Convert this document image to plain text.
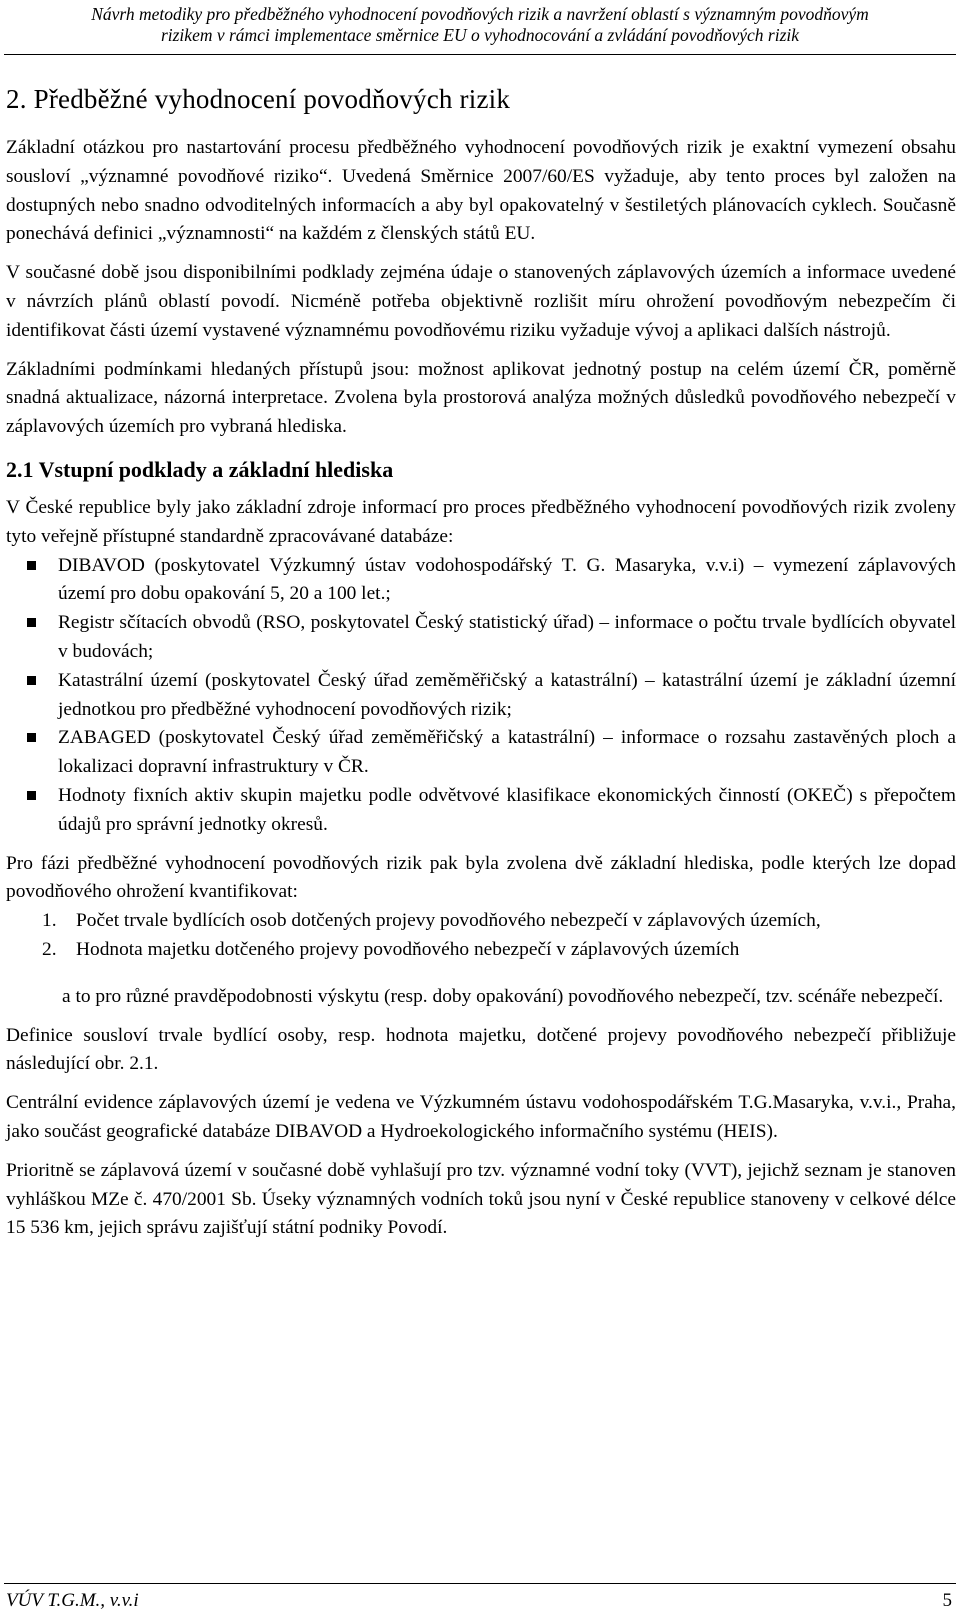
Návrh metodiky pro předběžného vyhodnocení povodňových rizik a navržení oblastí s významným povodňovým
rizikem v rámci implementace směrnice EU o vyhodnocování a zvládání povodňových rizik
2. Předběžné vyhodnocení povodňových rizik

Základní otázkou pro nastartování procesu předběžného vyhodnocení povodňových rizik je exaktní vymezení obsahu sousloví „významné povodňové riziko“. Uvedená Směrnice 2007/60/ES vyžaduje, aby tento proces byl založen na dostupných nebo snadno odvoditelných informacích a aby byl opakovatelný v šestiletých plánovacích cyklech. Současně ponechává definici „významnosti“ na každém z členských států EU.

V současné době jsou disponibilními podklady zejména údaje o stanovených záplavových územích a informace uvedené v návrzích plánů oblastí povodí. Nicméně potřeba objektivně rozlišit míru ohrožení povodňovým nebezpečím či identifikovat části území vystavené významnému povodňovému riziku vyžaduje vývoj a aplikaci dalších nástrojů.

Základními podmínkami hledaných přístupů jsou: možnost aplikovat jednotný postup na celém území ČR, poměrně snadná aktualizace, názorná interpretace. Zvolena byla prostorová analýza možných důsledků povodňového nebezpečí v záplavových územích pro vybraná hlediska.

2.1 Vstupní podklady a základní hlediska

V České republice byly jako základní zdroje informací pro proces předběžného vyhodnocení povodňových rizik zvoleny tyto veřejně přístupné standardně zpracovávané databáze:

DIBAVOD (poskytovatel Výzkumný ústav vodohospodářský T. G. Masaryka, v.v.i) – vymezení záplavových území pro dobu opakování 5, 20 a 100 let.;
Registr sčítacích obvodů (RSO, poskytovatel Český statistický úřad) – informace o počtu trvale bydlících obyvatel v budovách;
Katastrální území (poskytovatel Český úřad zeměměřičský a katastrální) – katastrální území je základní územní jednotkou pro předběžné vyhodnocení povodňových rizik;
ZABAGED (poskytovatel Český úřad zeměměřičský a katastrální) – informace o rozsahu zastavěných ploch a lokalizaci dopravní infrastruktury v ČR.
Hodnoty fixních aktiv skupin majetku podle odvětvové klasifikace ekonomických činností (OKEČ) s přepočtem údajů pro správní jednotky okresů.

Pro fázi předběžné vyhodnocení povodňových rizik pak byla zvolena dvě základní hlediska, podle kterých lze dopad povodňového ohrožení kvantifikovat:

1. Počet trvale bydlících osob dotčených projevy povodňového nebezpečí v záplavových územích,
2. Hodnota majetku dotčeného projevy povodňového nebezpečí v záplavových územích

a to pro různé pravděpodobnosti výskytu (resp. doby opakování) povodňového nebezpečí, tzv. scénáře nebezpečí.

Definice sousloví trvale bydlící osoby, resp. hodnota majetku, dotčené projevy povodňového nebezpečí přibližuje následující obr. 2.1.

Centrální evidence záplavových území je vedena ve Výzkumném ústavu vodohospodářském T.G.Masaryka, v.v.i., Praha, jako součást geografické databáze DIBAVOD a Hydroekologického informačního systému (HEIS).

Prioritně se záplavová území v současné době vyhlašují pro tzv. významné vodní toky (VVT), jejichž seznam je stanoven vyhláškou MZe č. 470/2001 Sb. Úseky významných vodních toků jsou nyní v České republice stanoveny v celkové délce 15 536 km, jejich správu zajišťují státní podniky Povodí.

VÚV T.G.M., v.v.i	5
